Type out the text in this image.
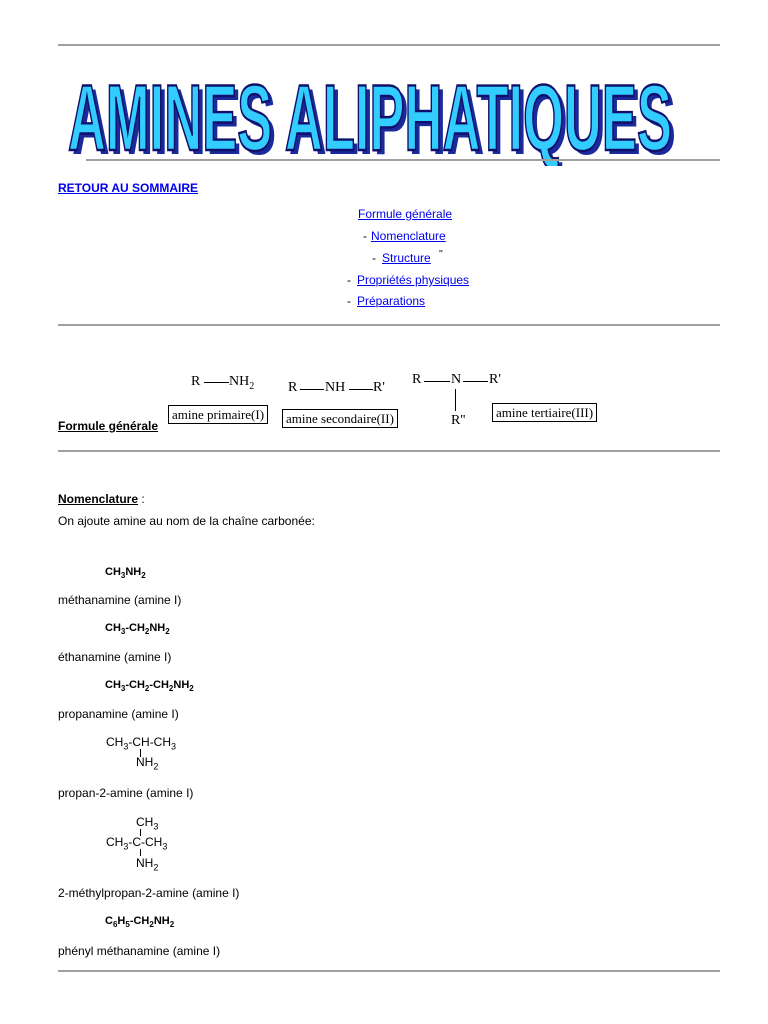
AMINES ALIPHATIQUES
AMINES ALIPHATIQUES
RETOUR AU SOMMAIRE
Formule générale
- Nomenclature
- Structure ''
- Propriétés physiques
- Préparations
Formule générale
R $NH_2$
amine primaire(I)
R NH R'
amine secondaire(II)
R N R'
R''
amine tertiaire(III)
Nomenclature :
On ajoute amine au nom de la chaîne carbonée:
$CH_3NH_2$
méthanamine (amine I)
$CH_3-CH_2NH_2$
éthanamine (amine I)
$CH_3-CH_2-CH_2NH_2$
propanamine (amine I)
$CH_3-CH-CH_3$
$NH_2$
propan-2-amine (amine I)
$CH_3$
$CH_3-C-CH_3$
$NH_2$
2-méthylpropan-2-amine (amine I)
$C_6H_5-CH_2NH_2$
phényl méthanamine (amine I)
